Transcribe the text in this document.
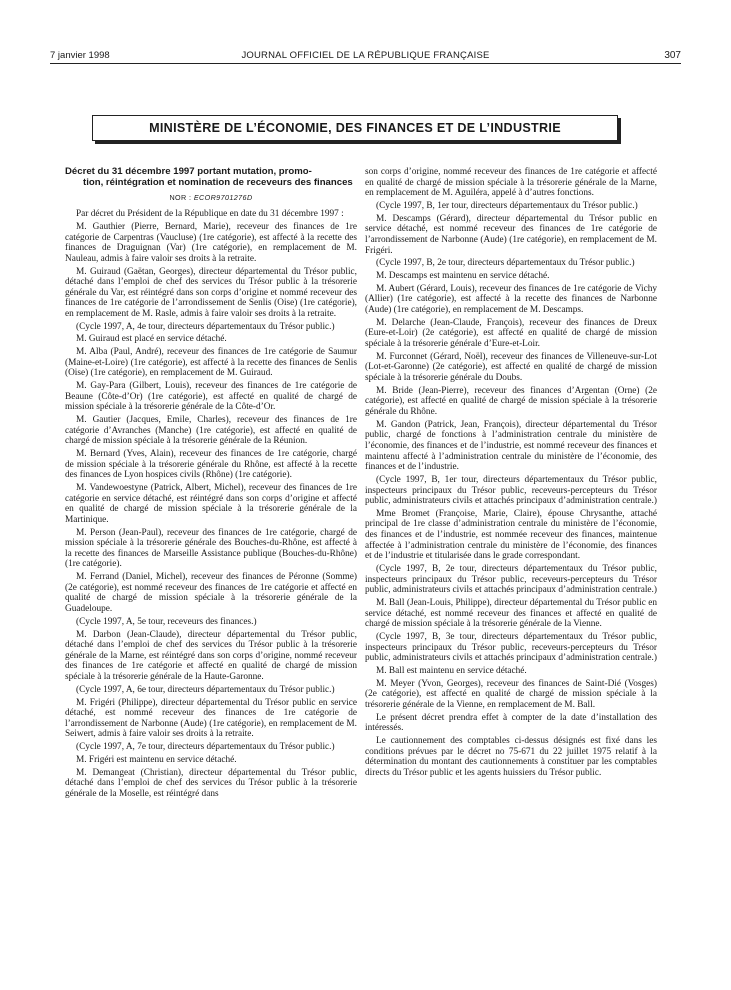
7 janvier 1998	JOURNAL OFFICIEL DE LA RÉPUBLIQUE FRANÇAISE	307
MINISTÈRE DE L’ÉCONOMIE, DES FINANCES ET DE L’INDUSTRIE
Décret du 31 décembre 1997 portant mutation, promo-
tion, réintégration et nomination de receveurs des finances
NOR : ECOR9701276D

Par décret du Président de la République en date du 31 décembre 1997 :

M. Gauthier (Pierre, Bernard, Marie), receveur des finances de 1re catégorie de Carpentras (Vaucluse) (1re catégorie), est affecté à la recette des finances de Draguignan (Var) (1re catégorie), en remplacement de M. Nauleau, admis à faire valoir ses droits à la retraite.

M. Guiraud (Gaëtan, Georges), directeur départemental du Trésor public, détaché dans l’emploi de chef des services du Trésor public à la trésorerie générale du Var, est réintégré dans son corps d’origine et nommé receveur des finances de 1re catégorie de l’arrondissement de Senlis (Oise) (1re catégorie), en remplacement de M. Rasle, admis à faire valoir ses droits à la retraite.

(Cycle 1997, A, 4e tour, directeurs départementaux du Trésor public.)

M. Guiraud est placé en service détaché.

M. Alba (Paul, André), receveur des finances de 1re catégorie de Saumur (Maine-et-Loire) (1re catégorie), est affecté à la recette des finances de Senlis (Oise) (1re catégorie), en remplacement de M. Guiraud.

M. Gay-Para (Gilbert, Louis), receveur des finances de 1re catégorie de Beaune (Côte-d’Or) (1re catégorie), est affecté en qualité de chargé de mission spéciale à la trésorerie générale de la Côte-d’Or.

M. Gautier (Jacques, Emile, Charles), receveur des finances de 1re catégorie d’Avranches (Manche) (1re catégorie), est affecté en qualité de chargé de mission spéciale à la trésorerie générale de la Réunion.

M. Bernard (Yves, Alain), receveur des finances de 1re catégorie, chargé de mission spéciale à la trésorerie générale du Rhône, est affecté à la recette des finances de Lyon hospices civils (Rhône) (1re catégorie).

M. Vandewoestyne (Patrick, Albert, Michel), receveur des finances de 1re catégorie en service détaché, est réintégré dans son corps d’origine et affecté en qualité de chargé de mission spéciale à la trésorerie générale de la Martinique.

M. Person (Jean-Paul), receveur des finances de 1re catégorie, chargé de mission spéciale à la trésorerie générale des Bouches-du-Rhône, est affecté à la recette des finances de Marseille Assistance publique (Bouches-du-Rhône) (1re catégorie).

M. Ferrand (Daniel, Michel), receveur des finances de Péronne (Somme) (2e catégorie), est nommé receveur des finances de 1re catégorie et affecté en qualité de chargé de mission spéciale à la trésorerie générale de la Guadeloupe.

(Cycle 1997, A, 5e tour, receveurs des finances.)

M. Darbon (Jean-Claude), directeur départemental du Trésor public, détaché dans l’emploi de chef des services du Trésor public à la trésorerie générale de la Marne, est réintégré dans son corps d’origine, nommé receveur des finances de 1re catégorie et affecté en qualité de chargé de mission spéciale à la trésorerie générale de la Haute-Garonne.

(Cycle 1997, A, 6e tour, directeurs départementaux du Trésor public.)

M. Frigéri (Philippe), directeur départemental du Trésor public en service détaché, est nommé receveur des finances de 1re catégorie de l’arrondissement de Narbonne (Aude) (1re catégorie), en remplacement de M. Seiwert, admis à faire valoir ses droits à la retraite.

(Cycle 1997, A, 7e tour, directeurs départementaux du Trésor public.)

M. Frigéri est maintenu en service détaché.

M. Demangeat (Christian), directeur départemental du Trésor public, détaché dans l’emploi de chef des services du Trésor public à la trésorerie générale de la Moselle, est réintégré dans

son corps d’origine, nommé receveur des finances de 1re catégorie et affecté en qualité de chargé de mission spéciale à la trésorerie générale de la Marne, en remplacement de M. Aguiléra, appelé à d’autres fonctions.

(Cycle 1997, B, 1er tour, directeurs départementaux du Trésor public.)

M. Descamps (Gérard), directeur départemental du Trésor public en service détaché, est nommé receveur des finances de 1re catégorie de l’arrondissement de Narbonne (Aude) (1re catégorie), en remplacement de M. Frigéri.

(Cycle 1997, B, 2e tour, directeurs départementaux du Trésor public.)

M. Descamps est maintenu en service détaché.

M. Aubert (Gérard, Louis), receveur des finances de 1re catégorie de Vichy (Allier) (1re catégorie), est affecté à la recette des finances de Narbonne (Aude) (1re catégorie), en remplacement de M. Descamps.

M. Delarche (Jean-Claude, François), receveur des finances de Dreux (Eure-et-Loir) (2e catégorie), est affecté en qualité de chargé de mission spéciale à la trésorerie générale d’Eure-et-Loir.

M. Furconnet (Gérard, Noël), receveur des finances de Villeneuve-sur-Lot (Lot-et-Garonne) (2e catégorie), est affecté en qualité de chargé de mission spéciale à la trésorerie générale du Doubs.

M. Bride (Jean-Pierre), receveur des finances d’Argentan (Orne) (2e catégorie), est affecté en qualité de chargé de mission spéciale à la trésorerie générale du Rhône.

M. Gandon (Patrick, Jean, François), directeur départemental du Trésor public, chargé de fonctions à l’administration centrale du ministère de l’économie, des finances et de l’industrie, est nommé receveur des finances et maintenu affecté à l’administration centrale du ministère de l’économie, des finances et de l’industrie.

(Cycle 1997, B, 1er tour, directeurs départementaux du Trésor public, inspecteurs principaux du Trésor public, receveurs-percepteurs du Trésor public, administrateurs civils et attachés principaux d’administration centrale.)

Mme Bromet (Françoise, Marie, Claire), épouse Chrysanthe, attaché principal de 1re classe d’administration centrale du ministère de l’économie, des finances et de l’industrie, est nommée receveur des finances, maintenue affectée à l’administration centrale du ministère de l’économie, des finances et de l’industrie et titularisée dans le grade correspondant.

(Cycle 1997, B, 2e tour, directeurs départementaux du Trésor public, inspecteurs principaux du Trésor public, receveurs-percepteurs du Trésor public, administrateurs civils et attachés principaux d’administration centrale.)

M. Ball (Jean-Louis, Philippe), directeur départemental du Trésor public en service détaché, est nommé receveur des finances et affecté en qualité de chargé de mission spéciale à la trésorerie générale de la Vienne.

(Cycle 1997, B, 3e tour, directeurs départementaux du Trésor public, inspecteurs principaux du Trésor public, receveurs-percepteurs du Trésor public, administrateurs civils et attachés principaux d’administration centrale.)

M. Ball est maintenu en service détaché.

M. Meyer (Yvon, Georges), receveur des finances de Saint-Dié (Vosges) (2e catégorie), est affecté en qualité de chargé de mission spéciale à la trésorerie générale de la Vienne, en remplacement de M. Ball.

Le présent décret prendra effet à compter de la date d’installation des intéressés.

Le cautionnement des comptables ci-dessus désignés est fixé dans les conditions prévues par le décret no 75-671 du 22 juillet 1975 relatif à la détermination du montant des cautionnements à constituer par les comptables directs du Trésor public et les agents huissiers du Trésor public.
